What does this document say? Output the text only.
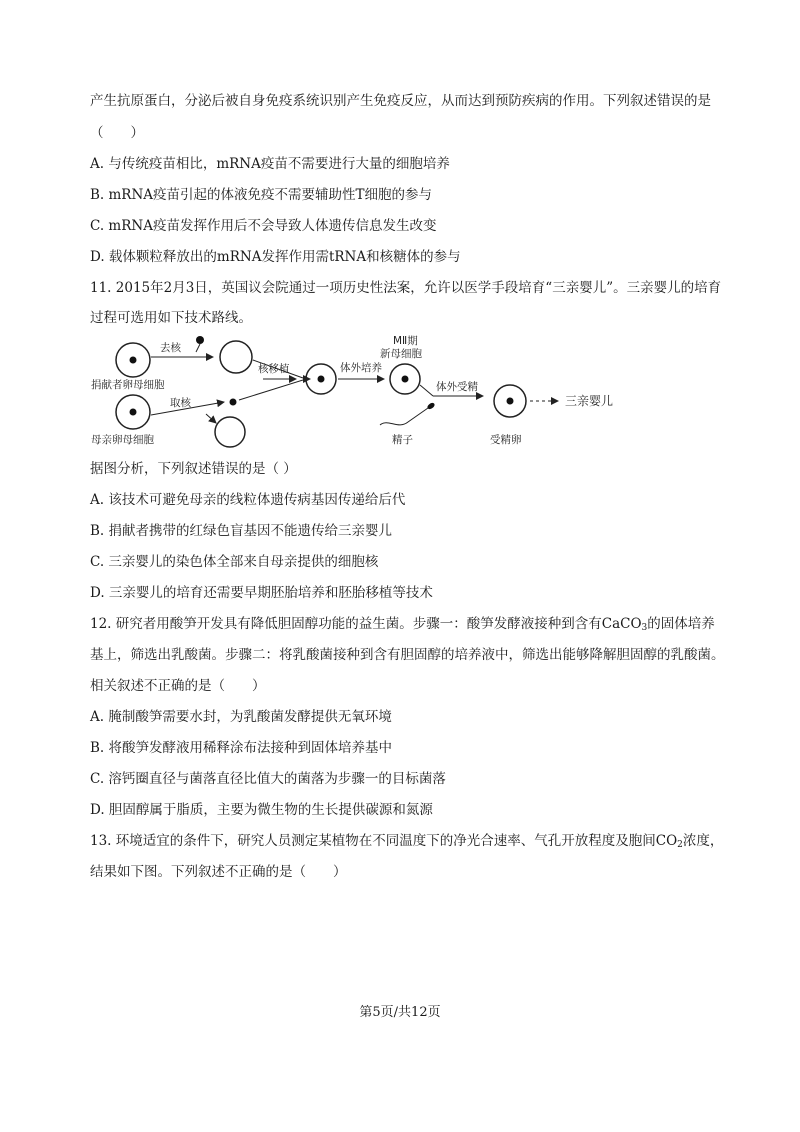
产生抗原蛋白，分泌后被自身免疫系统识别产生免疫反应，从而达到预防疾病的作用。下列叙述错误的是
（　　）
A. 与传统疫苗相比，mRNA疫苗不需要进行大量的细胞培养
B. mRNA疫苗引起的体液免疫不需要辅助性T细胞的参与
C. mRNA疫苗发挥作用后不会导致人体遗传信息发生改变
D. 载体颗粒释放出的mRNA发挥作用需tRNA和核糖体的参与
11. 2015年2月3日，英国议会院通过一项历史性法案，允许以医学手段培育“三亲婴儿”。三亲婴儿的培育
过程可选用如下技术路线。
捐献者卵母细胞
去核
母亲卵母细胞
取核
核移植	体外培养
MⅡ期
新母细胞
体外受精
精子	受精卵
三亲婴儿
据图分析，下列叙述错误的是（ ）
A. 该技术可避免母亲的线粒体遗传病基因传递给后代
B. 捐献者携带的红绿色盲基因不能遗传给三亲婴儿
C. 三亲婴儿的染色体全部来自母亲提供的细胞核
D. 三亲婴儿的培育还需要早期胚胎培养和胚胎移植等技术
12. 研究者用酸笋开发具有降低胆固醇功能的益生菌。步骤一：酸笋发酵液接种到含有CaCO$_3$的固体培养
基上，筛选出乳酸菌。步骤二：将乳酸菌接种到含有胆固醇的培养液中，筛选出能够降解胆固醇的乳酸菌。
相关叙述不正确的是（　　）
A. 腌制酸笋需要水封，为乳酸菌发酵提供无氧环境
B. 将酸笋发酵液用稀释涂布法接种到固体培养基中
C. 溶钙圈直径与菌落直径比值大的菌落为步骤一的目标菌落
D. 胆固醇属于脂质，主要为微生物的生长提供碳源和氮源
13. 环境适宜的条件下，研究人员测定某植物在不同温度下的净光合速率、气孔开放程度及胞间$CO_2$浓度，
结果如下图。下列叙述不正确的是（　　）
第5页/共12页
